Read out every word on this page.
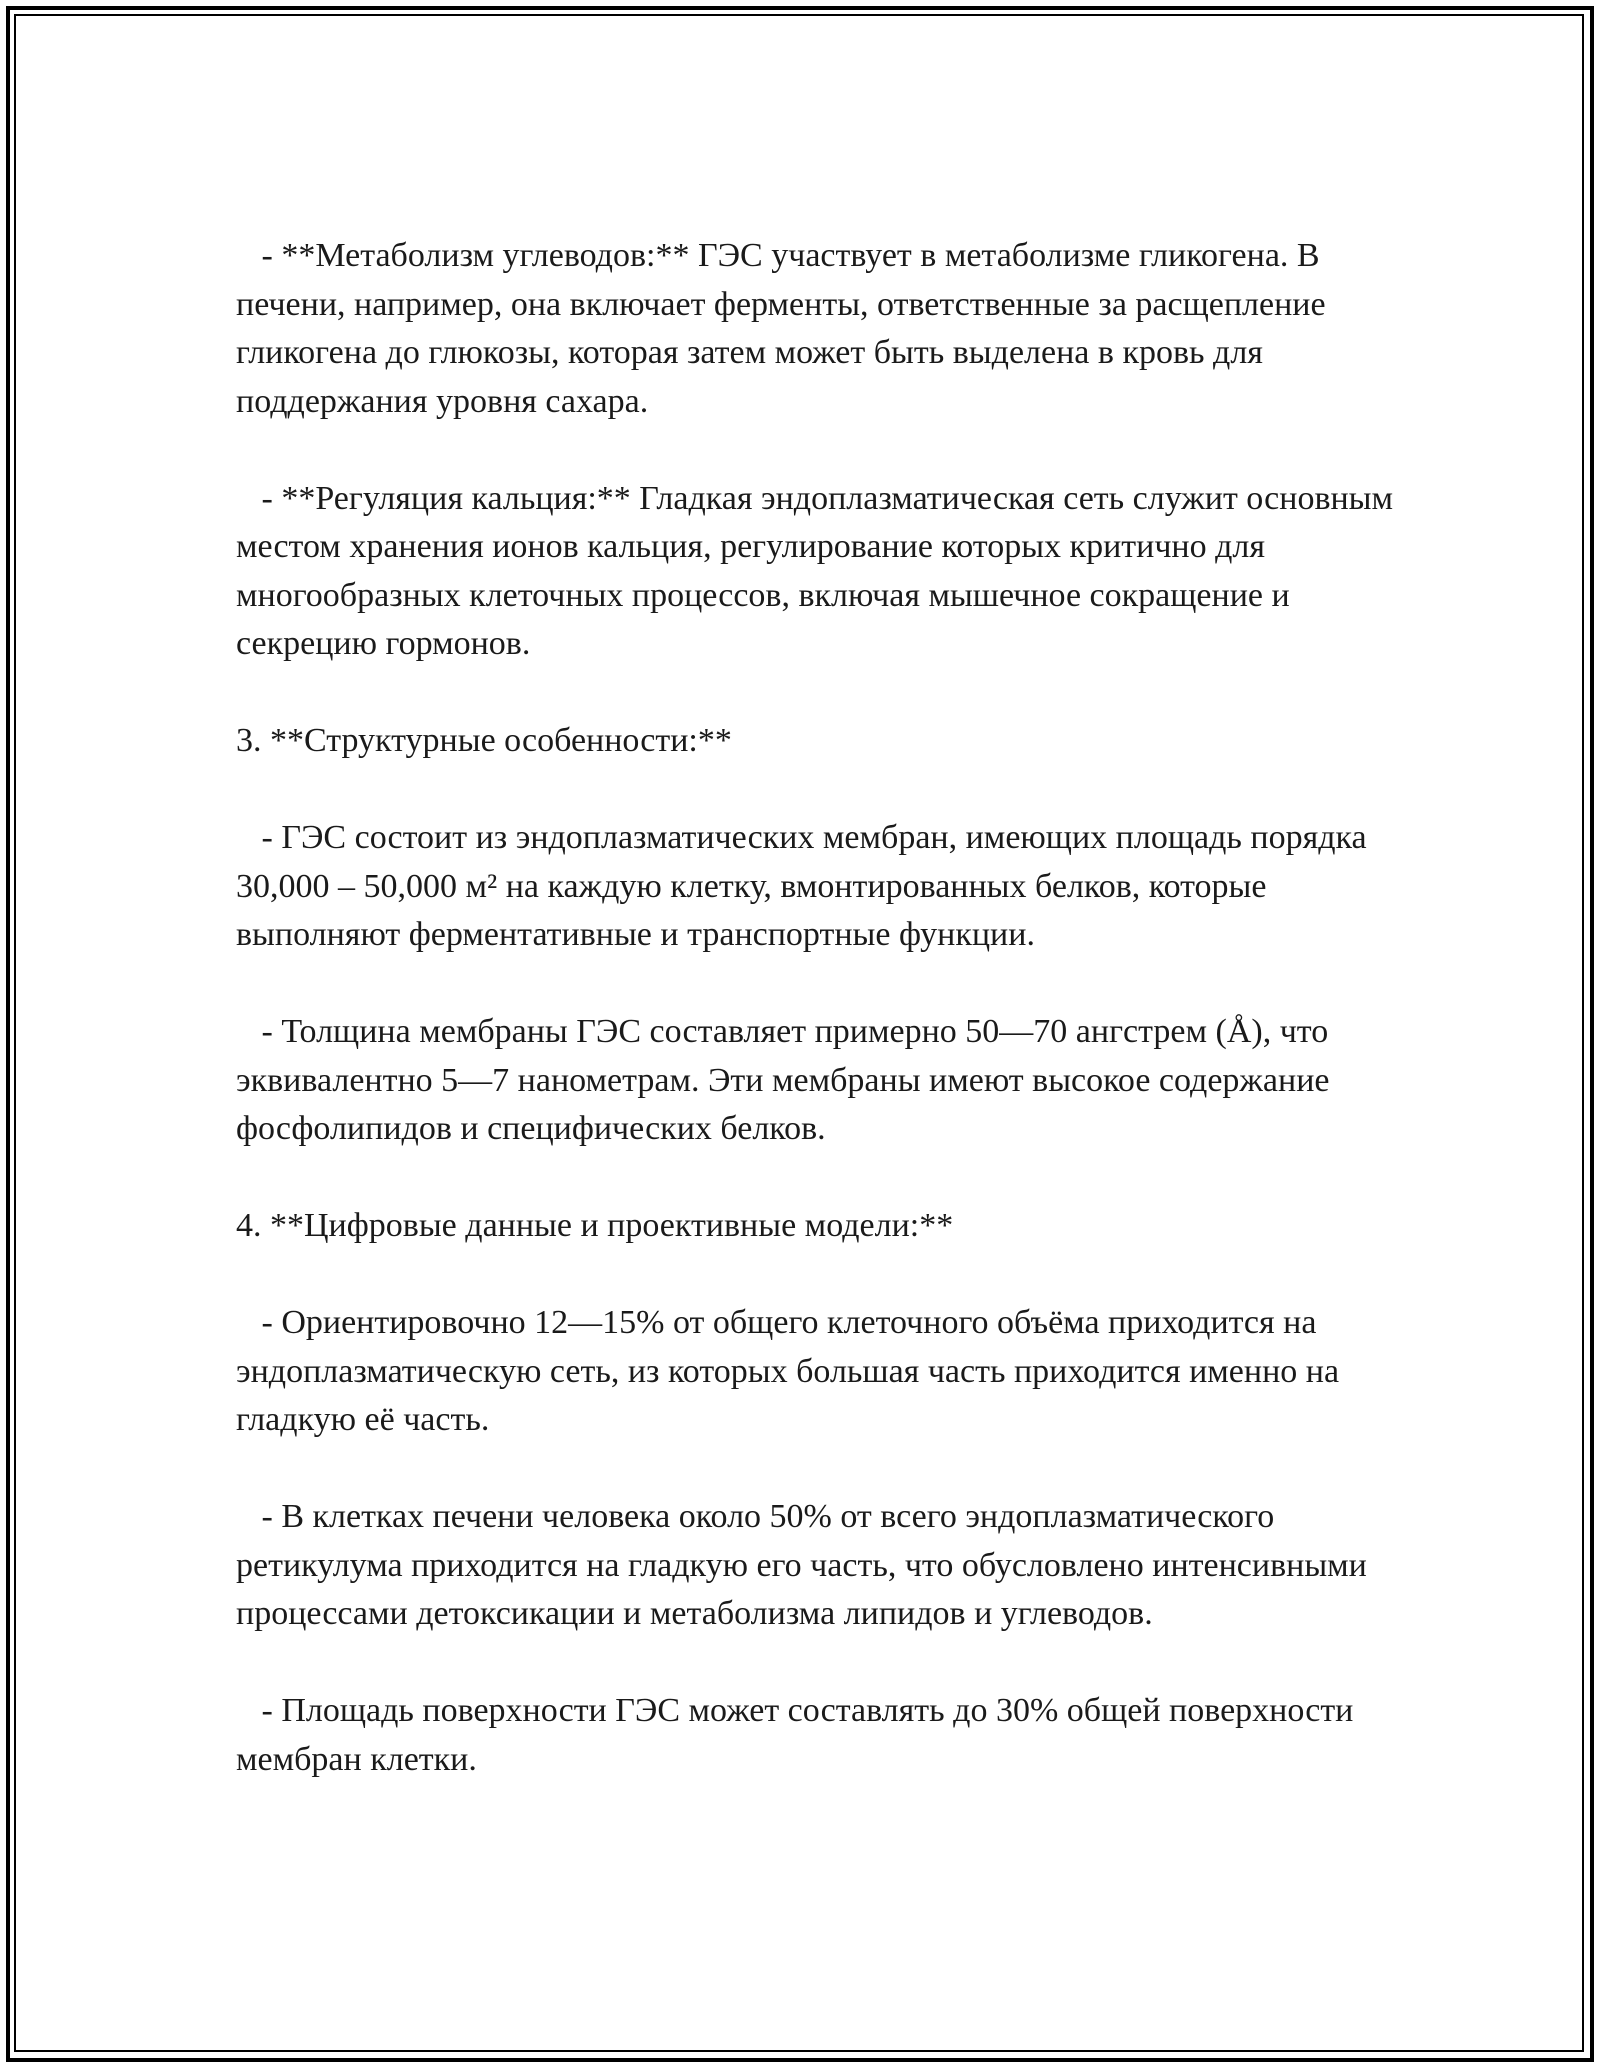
- **Метаболизм углеводов:** ГЭС участвует в метаболизме гликогена. В печени, например, она включает ферменты, ответственные за расщепление гликогена до глюкозы, которая затем может быть выделена в кровь для поддержания уровня сахара.

- **Регуляция кальция:** Гладкая эндоплазматическая сеть служит основным местом хранения ионов кальция, регулирование которых критично для многообразных клеточных процессов, включая мышечное сокращение и секрецию гормонов.

3. **Структурные особенности:**

- ГЭС состоит из эндоплазматических мембран, имеющих площадь порядка 30,000 – 50,000 м² на каждую клетку, вмонтированных белков, которые выполняют ферментативные и транспортные функции.

- Толщина мембраны ГЭС составляет примерно 50—70 ангстрем (Å), что эквивалентно 5—7 нанометрам. Эти мембраны имеют высокое содержание фосфолипидов и специфических белков.

4. **Цифровые данные и проективные модели:**

- Ориентировочно 12—15% от общего клеточного объёма приходится на эндоплазматическую сеть, из которых большая часть приходится именно на гладкую её часть.

- В клетках печени человека около 50% от всего эндоплазматического ретикулума приходится на гладкую его часть, что обусловлено интенсивными процессами детоксикации и метаболизма липидов и углеводов.

- Площадь поверхности ГЭС может составлять до 30% общей поверхности мембран клетки.
